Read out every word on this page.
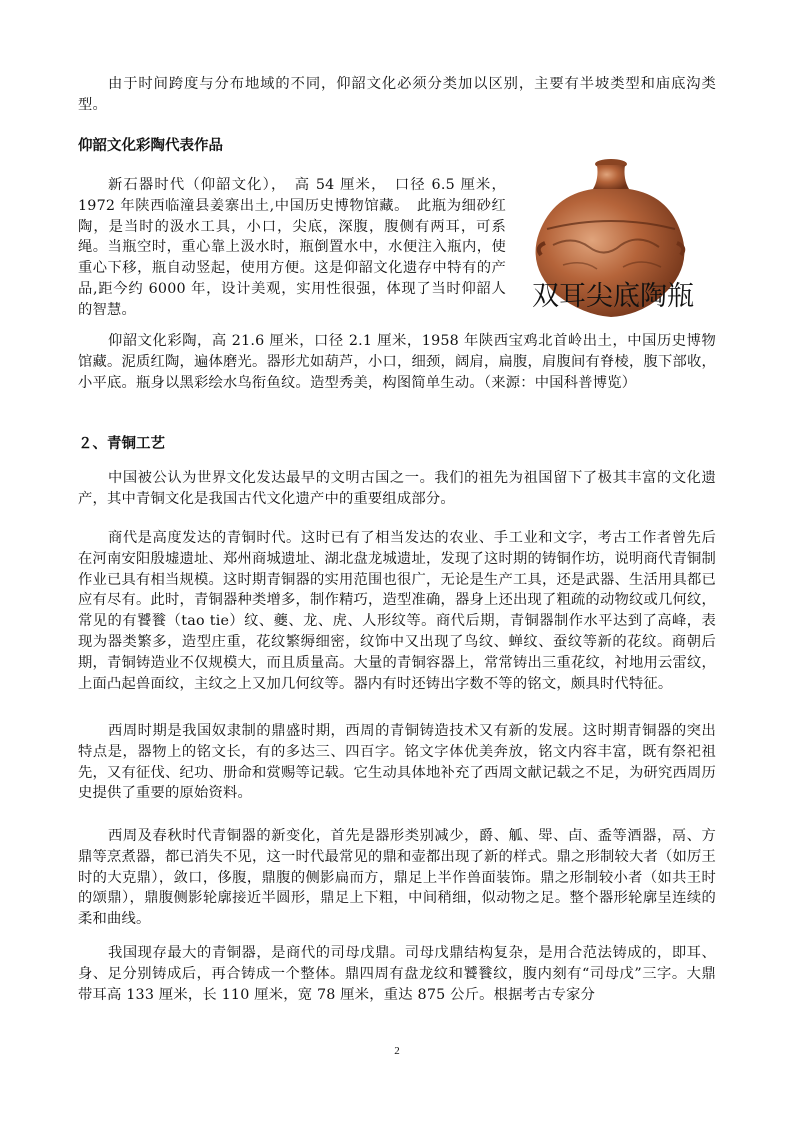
由于时间跨度与分布地域的不同，仰韶文化必须分类加以区别，主要有半坡类型和庙底沟类型。

仰韶文化彩陶代表作品

新石器时代（仰韶文化），　高 54 厘米，　口径 6.5 厘米，1972 年陕西临潼县姜寨出土,中国历史博物馆藏。　此瓶为细砂红陶，是当时的汲水工具，小口，尖底，深腹，腹侧有两耳，可系绳。当瓶空时，重心靠上汲水时，瓶倒置水中，水便注入瓶内，使重心下移，瓶自动竖起，使用方便。这是仰韶文化遗存中特有的产品,距今约 6000 年，设计美观，实用性很强，体现了当时仰韶人的智慧。	双耳尖底陶瓶

仰韶文化彩陶，高 21.6 厘米，口径 2.1 厘米，1958 年陕西宝鸡北首岭出土，中国历史博物馆藏。泥质红陶，遍体磨光。器形尤如葫芦，小口，细颈，阔肩，扁腹，肩腹间有脊棱，腹下部收，小平底。瓶身以黑彩绘水鸟衔鱼纹。造型秀美，构图简单生动。（来源：中国科普博览）

２、青铜工艺

中国被公认为世界文化发达最早的文明古国之一。我们的祖先为祖国留下了极其丰富的文化遗产，其中青铜文化是我国古代文化遗产中的重要组成部分。

商代是高度发达的青铜时代。这时已有了相当发达的农业、手工业和文字，考古工作者曾先后在河南安阳殷墟遗址、郑州商城遗址、湖北盘龙城遗址，发现了这时期的铸铜作坊，说明商代青铜制作业已具有相当规模。这时期青铜器的实用范围也很广，无论是生产工具，还是武器、生活用具都已应有尽有。此时，青铜器种类增多，制作精巧，造型准确，器身上还出现了粗疏的动物纹或几何纹，常见的有饕餮（tao tie）纹、夔、龙、虎、人形纹等。商代后期，青铜器制作水平达到了高峰，表现为器类繁多，造型庄重，花纹繁缛细密，纹饰中又出现了鸟纹、蝉纹、蚕纹等新的花纹。商朝后期，青铜铸造业不仅规模大，而且质量高。大量的青铜容器上，常常铸出三重花纹，衬地用云雷纹，上面凸起兽面纹，主纹之上又加几何纹等。器内有时还铸出字数不等的铭文，颇具时代特征。

西周时期是我国奴隶制的鼎盛时期，西周的青铜铸造技术又有新的发展。这时期青铜器的突出特点是，器物上的铭文长，有的多达三、四百字。铭文字体优美奔放，铭文内容丰富，既有祭祀祖先，又有征伐、纪功、册命和赏赐等记载。它生动具体地补充了西周文献记载之不足，为研究西周历史提供了重要的原始资料。

西周及春秋时代青铜器的新变化，首先是器形类别减少，爵、觚、斝、卣、盉等酒器，鬲、方鼎等烹煮器，都已消失不见，这一时代最常见的鼎和壶都出现了新的样式。鼎之形制较大者（如厉王时的大克鼎），敛口，侈腹，鼎腹的侧影扁而方，鼎足上半作兽面装饰。鼎之形制较小者（如共王时的颂鼎），鼎腹侧影轮廓接近半圆形，鼎足上下粗，中间稍细，似动物之足。整个器形轮廓呈连续的柔和曲线。

我国现存最大的青铜器，是商代的司母戊鼎。司母戊鼎结构复杂，是用合范法铸成的，即耳、身、足分别铸成后，再合铸成一个整体。鼎四周有盘龙纹和饕餮纹，腹内刻有“司母戊”三字。大鼎带耳高 133 厘米，长 110 厘米，宽 78 厘米，重达 875 公斤。根据考古专家分

2
